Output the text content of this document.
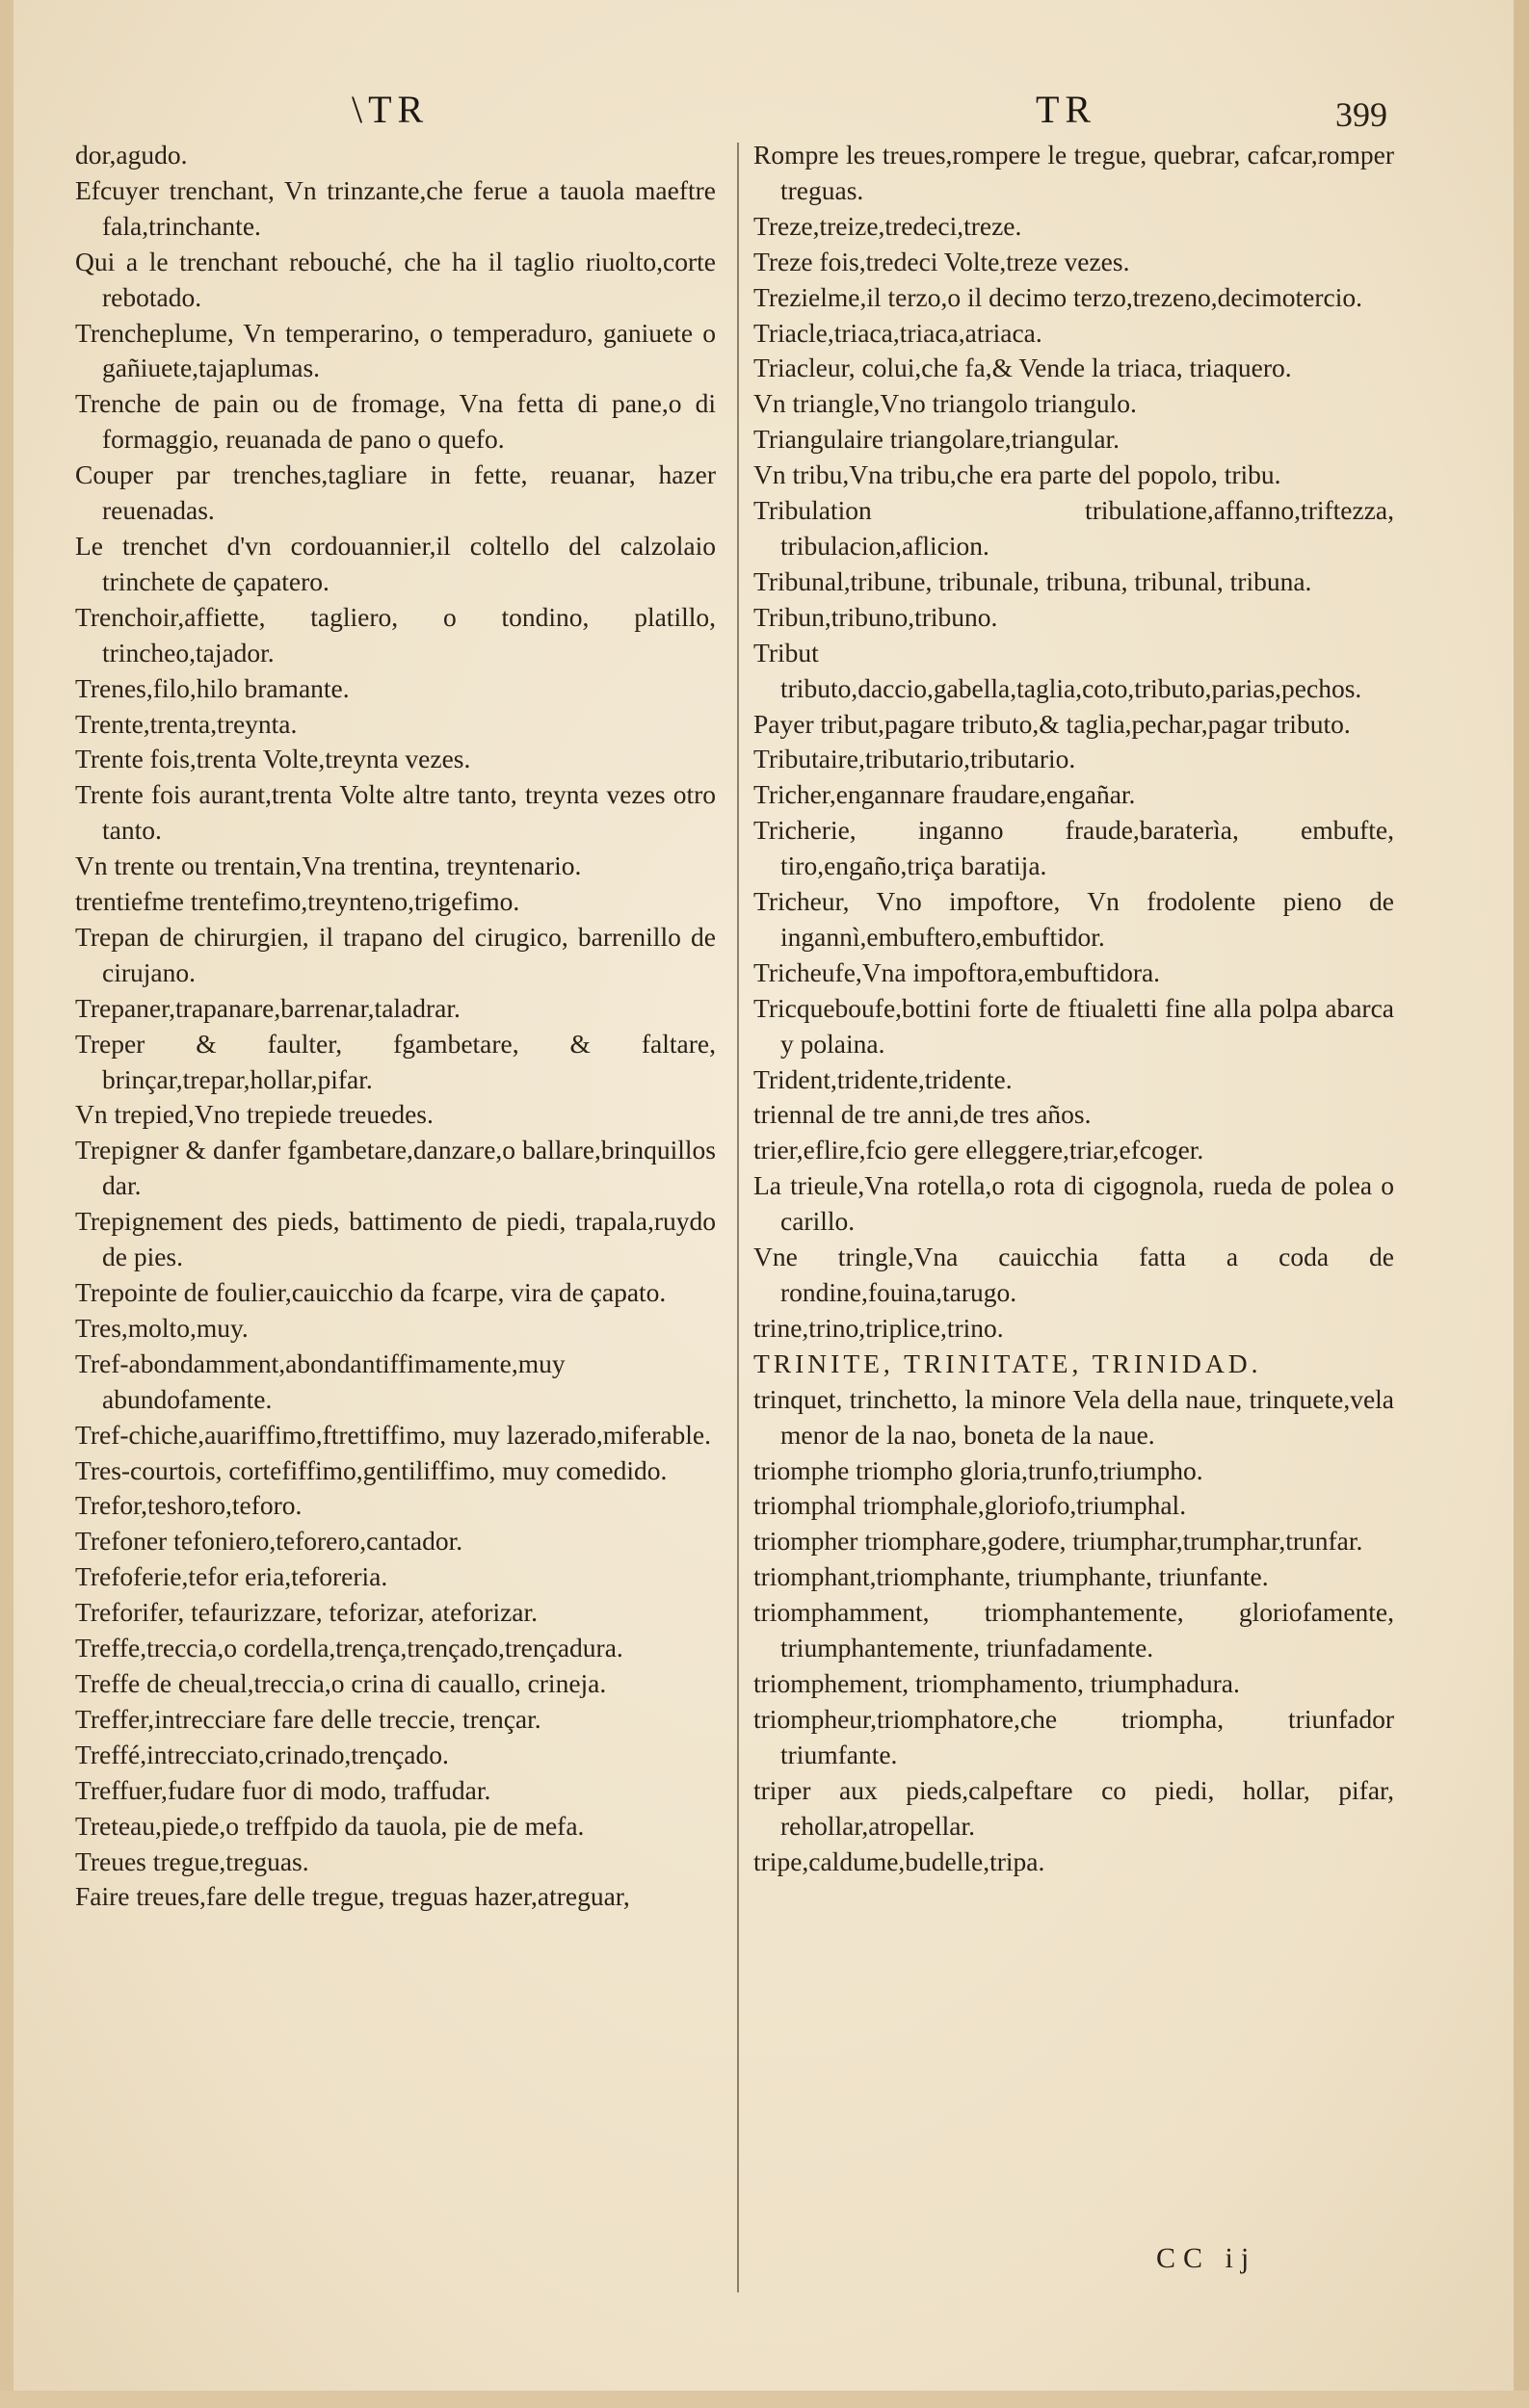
\TR	TR	399

dor,agudo.

Efcuyer trenchant, Vn trinzante,che ferue a tauola maeftre fala,trinchante.

Qui a le trenchant rebouché, che ha il taglio riuolto,corte rebotado.

Trencheplume, Vn temperarino, o temperaduro, ganiuete o gañiuete,tajaplumas.

Trenche de pain ou de fromage, Vna fetta di pane,o di formaggio, reuanada de pano o quefo.

Couper par trenches,tagliare in fette, reuanar, hazer reuenadas.

Le trenchet d'vn cordouannier,il coltello del calzolaio trinchete de çapatero.

Trenchoir,affiette, tagliero, o tondino, platillo, trincheo,tajador.

Trenes,filo,hilo bramante.

Trente,trenta,treynta.

Trente fois,trenta Volte,treynta vezes.

Trente fois aurant,trenta Volte altre tanto, treynta vezes otro tanto.

Vn trente ou trentain,Vna trentina, treyntenario.

trentiefme trentefimo,treynteno,trigefimo.

Trepan de chirurgien, il trapano del cirugico, barrenillo de cirujano.

Trepaner,trapanare,barrenar,taladrar.

Treper & faulter, fgambetare, & faltare, brinçar,trepar,hollar,pifar.

Vn trepied,Vno trepiede treuedes.

Trepigner & danfer fgambetare,danzare,o ballare,brinquillos dar.

Trepignement des pieds, battimento de piedi, trapala,ruydo de pies.

Trepointe de foulier,cauicchio da fcarpe, vira de çapato.

Tres,molto,muy.

Tref-abondamment,abondantiffimamente,muy abundofamente.

Tref-chiche,auariffimo,ftrettiffimo, muy lazerado,miferable.

Tres-courtois, cortefiffimo,gentiliffimo, muy comedido.

Trefor,teshoro,teforo.

Trefoner tefoniero,teforero,cantador.

Trefoferie,tefor eria,teforeria.

Treforifer, tefaurizzare, teforizar, ateforizar.

Treffe,treccia,o cordella,trença,trençado,trençadura.

Treffe de cheual,treccia,o crina di cauallo, crineja.

Treffer,intrecciare fare delle treccie, trençar.

Treffé,intrecciato,crinado,trençado.

Treffuer,fudare fuor di modo, traffudar.

Treteau,piede,o treffpido da tauola, pie de mefa.

Treues tregue,treguas.

Faire treues,fare delle tregue, treguas hazer,atreguar,

Rompre les treues,rompere le tregue, quebrar, cafcar,romper treguas.

Treze,treize,tredeci,treze.

Treze fois,tredeci Volte,treze vezes.

Trezielme,il terzo,o il decimo terzo,trezeno,decimotercio.

Triacle,triaca,triaca,atriaca.

Triacleur, colui,che fa,& Vende la triaca, triaquero.

Vn triangle,Vno triangolo triangulo.

Triangulaire triangolare,triangular.

Vn tribu,Vna tribu,che era parte del popolo, tribu.

Tribulation tribulatione,affanno,triftezza, tribulacion,aflicion.

Tribunal,tribune, tribunale, tribuna, tribunal, tribuna.

Tribun,tribuno,tribuno.

Tribut tributo,daccio,gabella,taglia,coto,tributo,parias,pechos.

Payer tribut,pagare tributo,& taglia,pechar,pagar tributo.

Tributaire,tributario,tributario.

Tricher,engannare fraudare,engañar.

Tricherie, inganno fraude,baraterìa, embufte, tiro,engaño,triça baratija.

Tricheur, Vno impoftore, Vn frodolente pieno de ingannì,embuftero,embuftidor.

Tricheufe,Vna impoftora,embuftidora.

Tricqueboufe,bottini forte de ftiualetti fine alla polpa abarca y polaina.

Trident,tridente,tridente.

triennal de tre anni,de tres años.

trier,eflire,fcio gere elleggere,triar,efcoger.

La trieule,Vna rotella,o rota di cigognola, rueda de polea o carillo.

Vne tringle,Vna cauicchia fatta a coda de rondine,fouina,tarugo.

trine,trino,triplice,trino.

TRINITE, TRINITATE, TRINIDAD.

trinquet, trinchetto, la minore Vela della naue, trinquete,vela menor de la nao, boneta de la naue.

triomphe triompho gloria,trunfo,triumpho.

triomphal triomphale,gloriofo,triumphal.

triompher triomphare,godere, triumphar,trumphar,trunfar.

triomphant,triomphante, triumphante, triunfante.

triomphamment, triomphantemente, gloriofamente, triumphantemente, triunfadamente.

triomphement, triomphamento, triumphadura.

triompheur,triomphatore,che triompha, triunfador triumfante.

triper aux pieds,calpeftare co piedi, hollar, pifar, rehollar,atropellar.

tripe,caldume,budelle,tripa.

CC ij
